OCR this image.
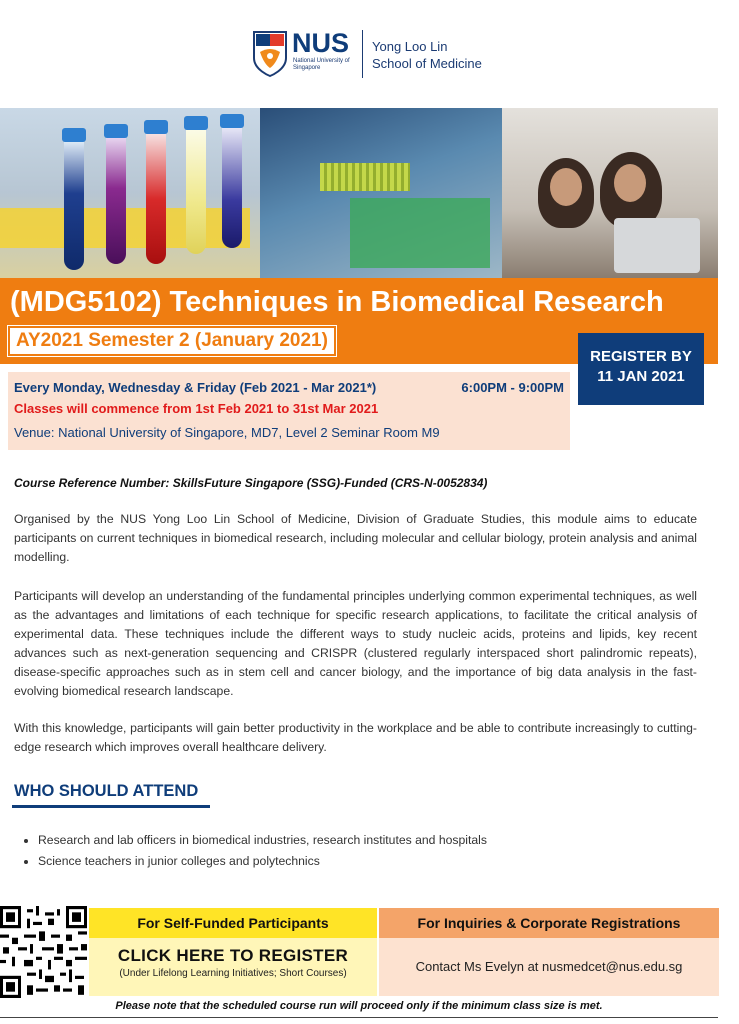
NUS
National University of Singapore
Yong Loo Lin
School of Medicine
(MDG5102) Techniques in Biomedical Research
AY2021 Semester 2 (January 2021)
REGISTER BY
11 JAN 2021
Every Monday, Wednesday & Friday (Feb 2021 - Mar 2021*)	6:00PM - 9:00PM
Classes will commence from 1st Feb 2021 to 31st Mar 2021
Venue: National University of Singapore, MD7, Level 2 Seminar Room M9
Course Reference Number: SkillsFuture Singapore (SSG)-Funded (CRS-N-0052834)

Organised by the NUS Yong Loo Lin School of Medicine, Division of Graduate Studies, this module aims to educate participants on current techniques in biomedical research, including molecular and cellular biology, protein analysis and animal modelling.

Participants will develop an understanding of the fundamental principles underlying common experimental techniques, as well as the advantages and limitations of each technique for specific research applications, to facilitate the critical analysis of experimental data. These techniques include the different ways to study nucleic acids, proteins and lipids, key recent advances such as next-generation sequencing and CRISPR (clustered regularly interspaced short palindromic repeats), disease-specific approaches such as in stem cell and cancer biology, and the importance of big data analysis in the fast-evolving biomedical research landscape.

With this knowledge, participants will gain better productivity in the workplace and be able to contribute increasingly to cutting-edge research which improves overall healthcare delivery.

WHO SHOULD ATTEND
• Research and lab officers in biomedical industries, research institutes and hospitals
• Science teachers in junior colleges and polytechnics
For Self-Funded Participants
CLICK HERE TO REGISTER
(Under Lifelong Learning Initiatives; Short Courses)
For Inquiries & Corporate Registrations
Contact Ms Evelyn at nusmedcet@nus.edu.sg
Please note that the scheduled course run will proceed only if the minimum class size is met.
